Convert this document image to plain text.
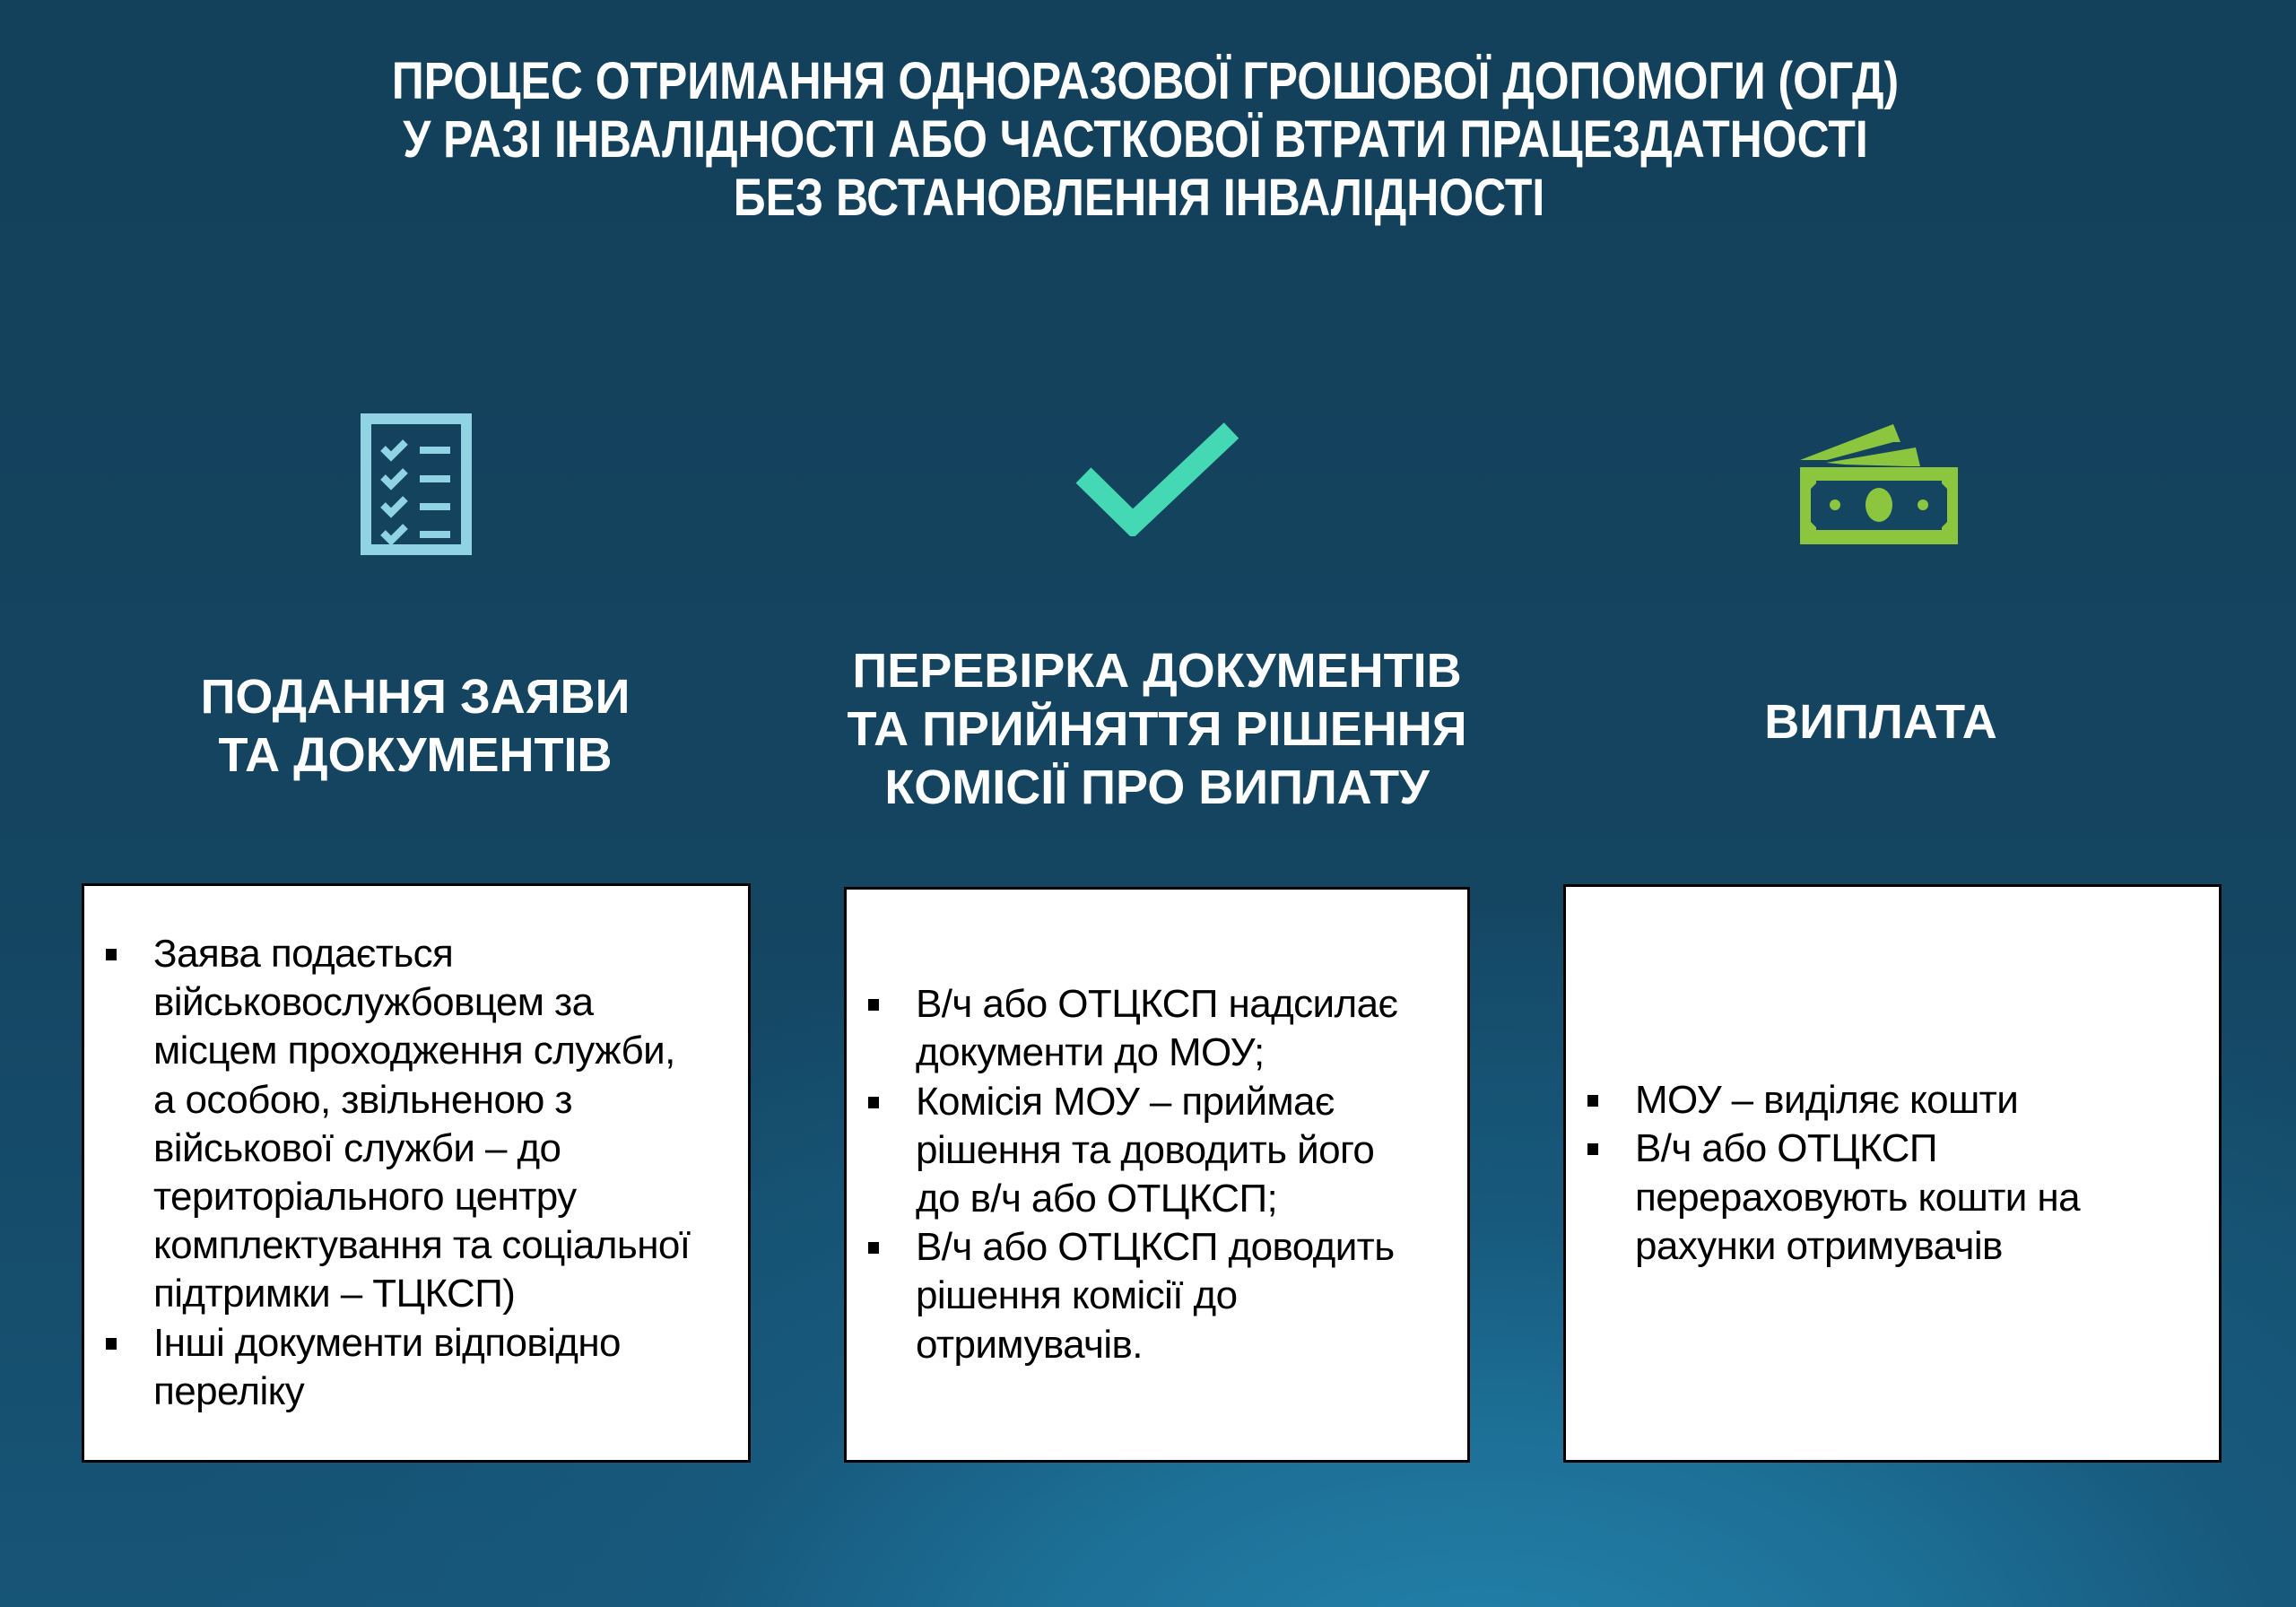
ПРОЦЕС ОТРИМАННЯ ОДНОРАЗОВОЇ ГРОШОВОЇ ДОПОМОГИ (ОГД)
У РАЗІ ІНВАЛІДНОСТІ АБО ЧАСТКОВОЇ ВТРАТИ ПРАЦЕЗДАТНОСТІ
БЕЗ ВСТАНОВЛЕННЯ ІНВАЛІДНОСТІ
ПОДАННЯ ЗАЯВИ
ТА ДОКУМЕНТІВ
ПЕРЕВІРКА ДОКУМЕНТІВ
ТА ПРИЙНЯТТЯ РІШЕННЯ
КОМІСІЇ ПРО ВИПЛАТУ
ВИПЛАТА
Заява подається
військовослужбовцем за
місцем проходження служби,
а особою, звільненою з
військової служби – до
територіального центру
комплектування та соціальної
підтримки – ТЦКСП)
Інші документи відповідно
переліку
В/ч або ОТЦКСП надсилає
документи до МОУ;
Комісія МОУ – приймає
рішення та доводить його
до в/ч або ОТЦКСП;
В/ч або ОТЦКСП доводить
рішення комісії до
отримувачів.
МОУ – виділяє кошти
В/ч або ОТЦКСП
перераховують кошти на
рахунки отримувачів
